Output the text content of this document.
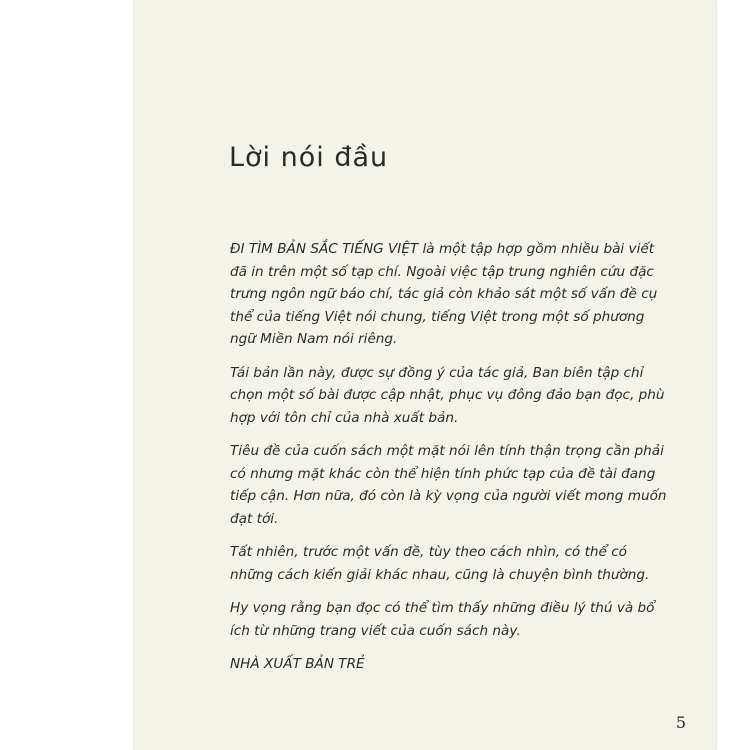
Lời nói đầu

ĐI TÌM BẢN SẮC TIẾNG VIỆT là một tập hợp gồm nhiều bài viết đã in trên một số tạp chí. Ngoài việc tập trung nghiên cứu đặc trưng ngôn ngữ báo chí, tác giả còn khảo sát một số vấn đề cụ thể của tiếng Việt nói chung, tiếng Việt trong một số phương ngữ Miền Nam nói riêng.

Tái bản lần này, được sự đồng ý của tác giả, Ban biên tập chỉ chọn một số bài được cập nhật, phục vụ đông đảo bạn đọc, phù hợp với tôn chỉ của nhà xuất bản.

Tiêu đề của cuốn sách một mặt nói lên tính thận trọng cần phải có nhưng mặt khác còn thể hiện tính phức tạp của đề tài đang tiếp cận. Hơn nữa, đó còn là kỳ vọng của người viết mong muốn đạt tới.

Tất nhiên, trước một vấn đề, tùy theo cách nhìn, có thể có những cách kiến giải khác nhau, cũng là chuyện bình thường.

Hy vọng rằng bạn đọc có thể tìm thấy những điều lý thú và bổ ích từ những trang viết của cuốn sách này.

NHÀ XUẤT BẢN TRẺ

5
